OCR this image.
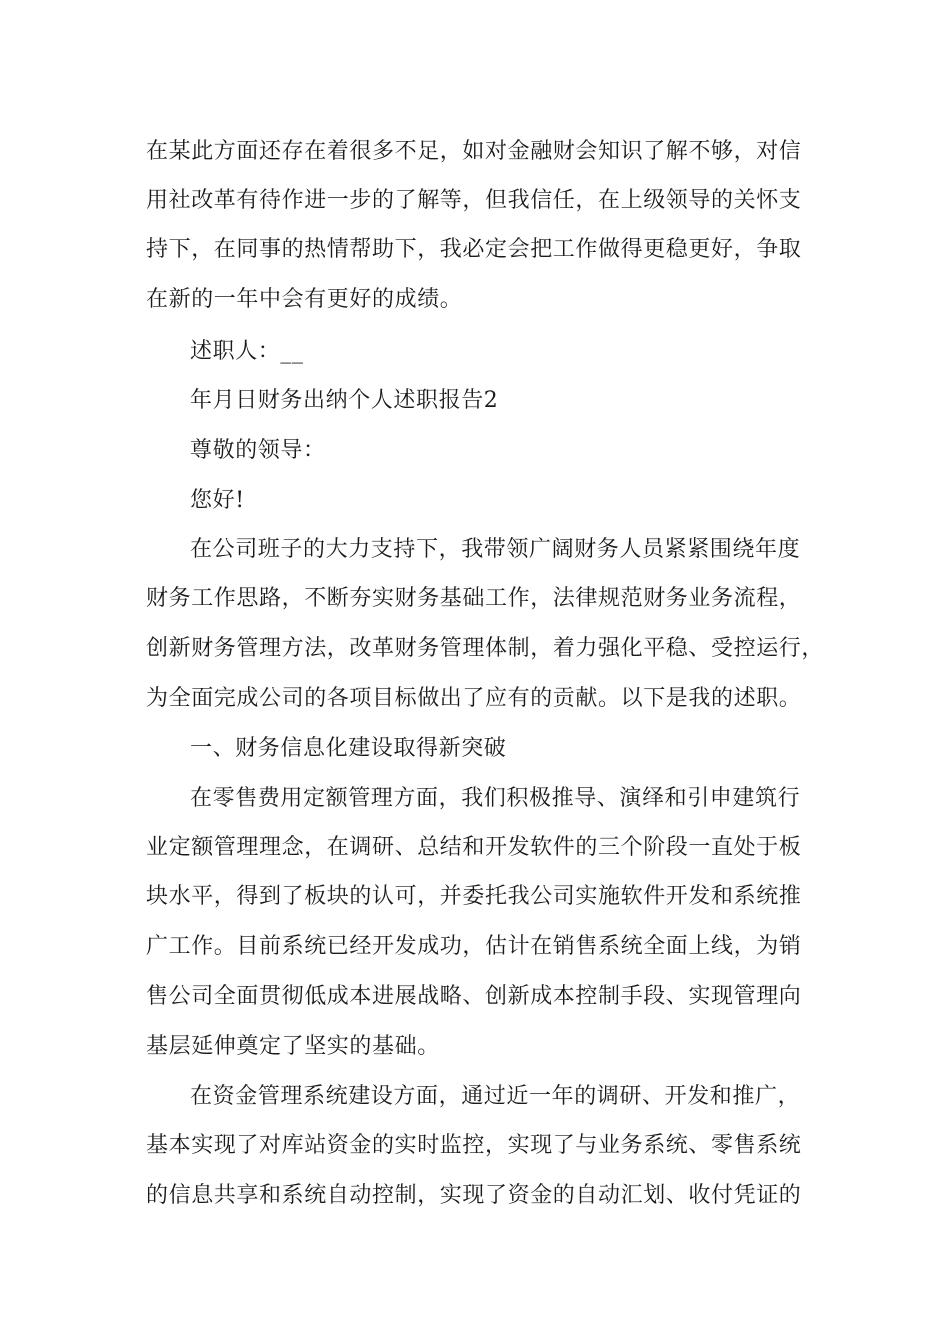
在某此方面还存在着很多不足，如对金融财会知识了解不够，对信
用社改革有待作进一步的了解等，但我信任，在上级领导的关怀支
持下，在同事的热情帮助下，我必定会把工作做得更稳更好，争取
在新的一年中会有更好的成绩。
述职人：__
年月日财务出纳个人述职报告2
尊敬的领导：
您好!
在公司班子的大力支持下，我带领广阔财务人员紧紧围绕年度
财务工作思路，不断夯实财务基础工作，法律规范财务业务流程，
创新财务管理方法，改革财务管理体制，着力强化平稳、受控运行，
为全面完成公司的各项目标做出了应有的贡献。以下是我的述职。
一、财务信息化建设取得新突破
在零售费用定额管理方面，我们积极推导、演绎和引申建筑行
业定额管理理念，在调研、总结和开发软件的三个阶段一直处于板
块水平，得到了板块的认可，并委托我公司实施软件开发和系统推
广工作。目前系统已经开发成功，估计在销售系统全面上线，为销
售公司全面贯彻低成本进展战略、创新成本控制手段、实现管理向
基层延伸奠定了坚实的基础。
在资金管理系统建设方面，通过近一年的调研、开发和推广，
基本实现了对库站资金的实时监控，实现了与业务系统、零售系统
的信息共享和系统自动控制，实现了资金的自动汇划、收付凭证的
